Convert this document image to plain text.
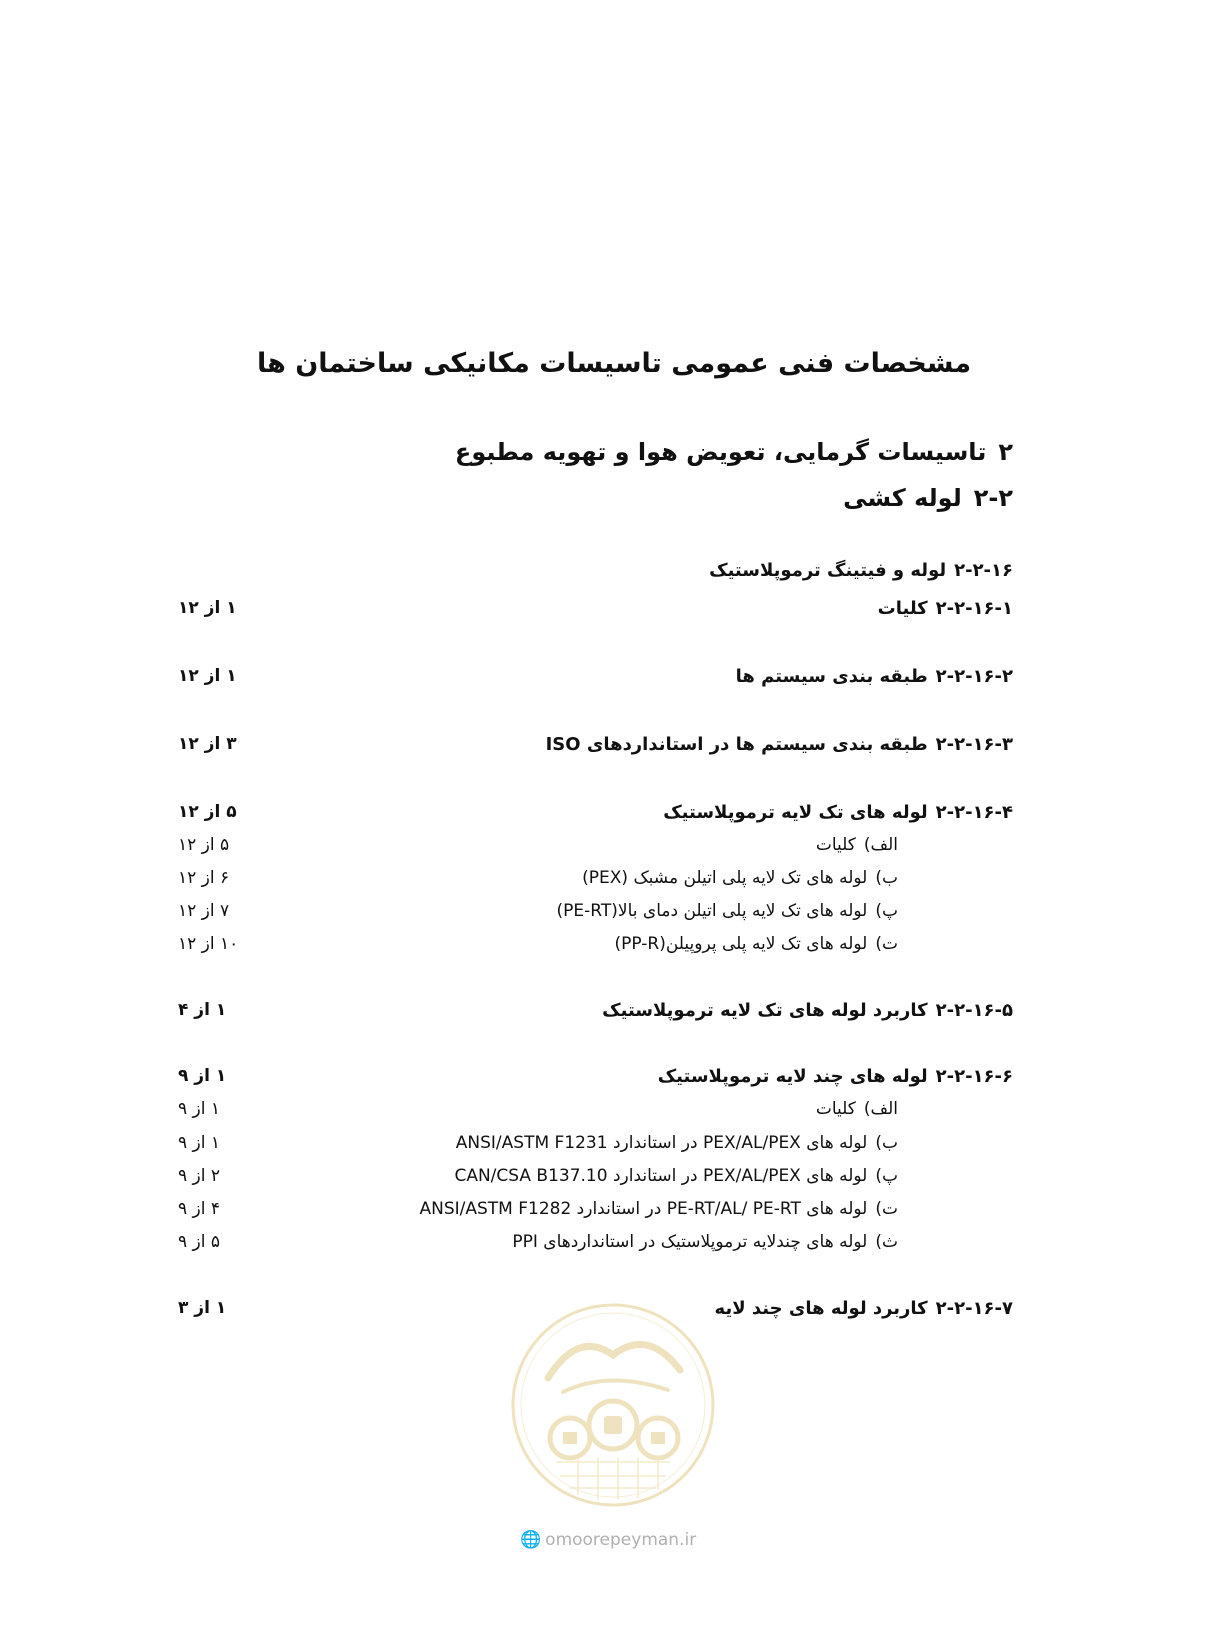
مشخصات فنی عمومی تاسیسات مکانیکی ساختمان ها
۲تاسیسات گرمایی، تعویض هوا و تهویه مطبوع
۲-۲لوله کشی
۲-۲-۱۶لوله و فیتینگ ترموپلاستیک
۲-۲-۱۶-۱کلیات
۱ از ۱۲
۲-۲-۱۶-۲طبقه بندی سیستم ها
۱ از ۱۲
۲-۲-۱۶-۳طبقه بندی سیستم ها در استانداردهای ISO
۳ از ۱۲
۲-۲-۱۶-۴لوله های تک لایه ترموپلاستیک
۵ از ۱۲
الف)کلیات
۵ از ۱۲
ب)لوله های تک لایه پلی اتیلن مشبک (PEX)
۶ از ۱۲
پ)لوله های تک لایه پلی اتیلن دمای بالا(PE-RT)
۷ از ۱۲
ت)لوله های تک لایه پلی پروپیلن(PP-R)
۱۰ از ۱۲
۲-۲-۱۶-۵کاربرد لوله های تک لایه ترموپلاستیک
۱ از ۴
۲-۲-۱۶-۶لوله های چند لایه ترموپلاستیک
۱ از ۹
الف)کلیات
۱ از ۹
ب)لوله های PEX/AL/PEX در استاندارد ANSI/ASTM F1231
۱ از ۹
پ)لوله های PEX/AL/PEX در استاندارد CAN/CSA B137.10
۲ از ۹
ت)لوله های PE-RT/AL/ PE-RT در استاندارد ANSI/ASTM F1282
۴ از ۹
ث)لوله های چندلایه ترموپلاستیک در استانداردهای PPI
۵ از ۹
۲-۲-۱۶-۷کاربرد لوله های چند لایه
۱ از ۳
🌐 omoorepeyman.ir
